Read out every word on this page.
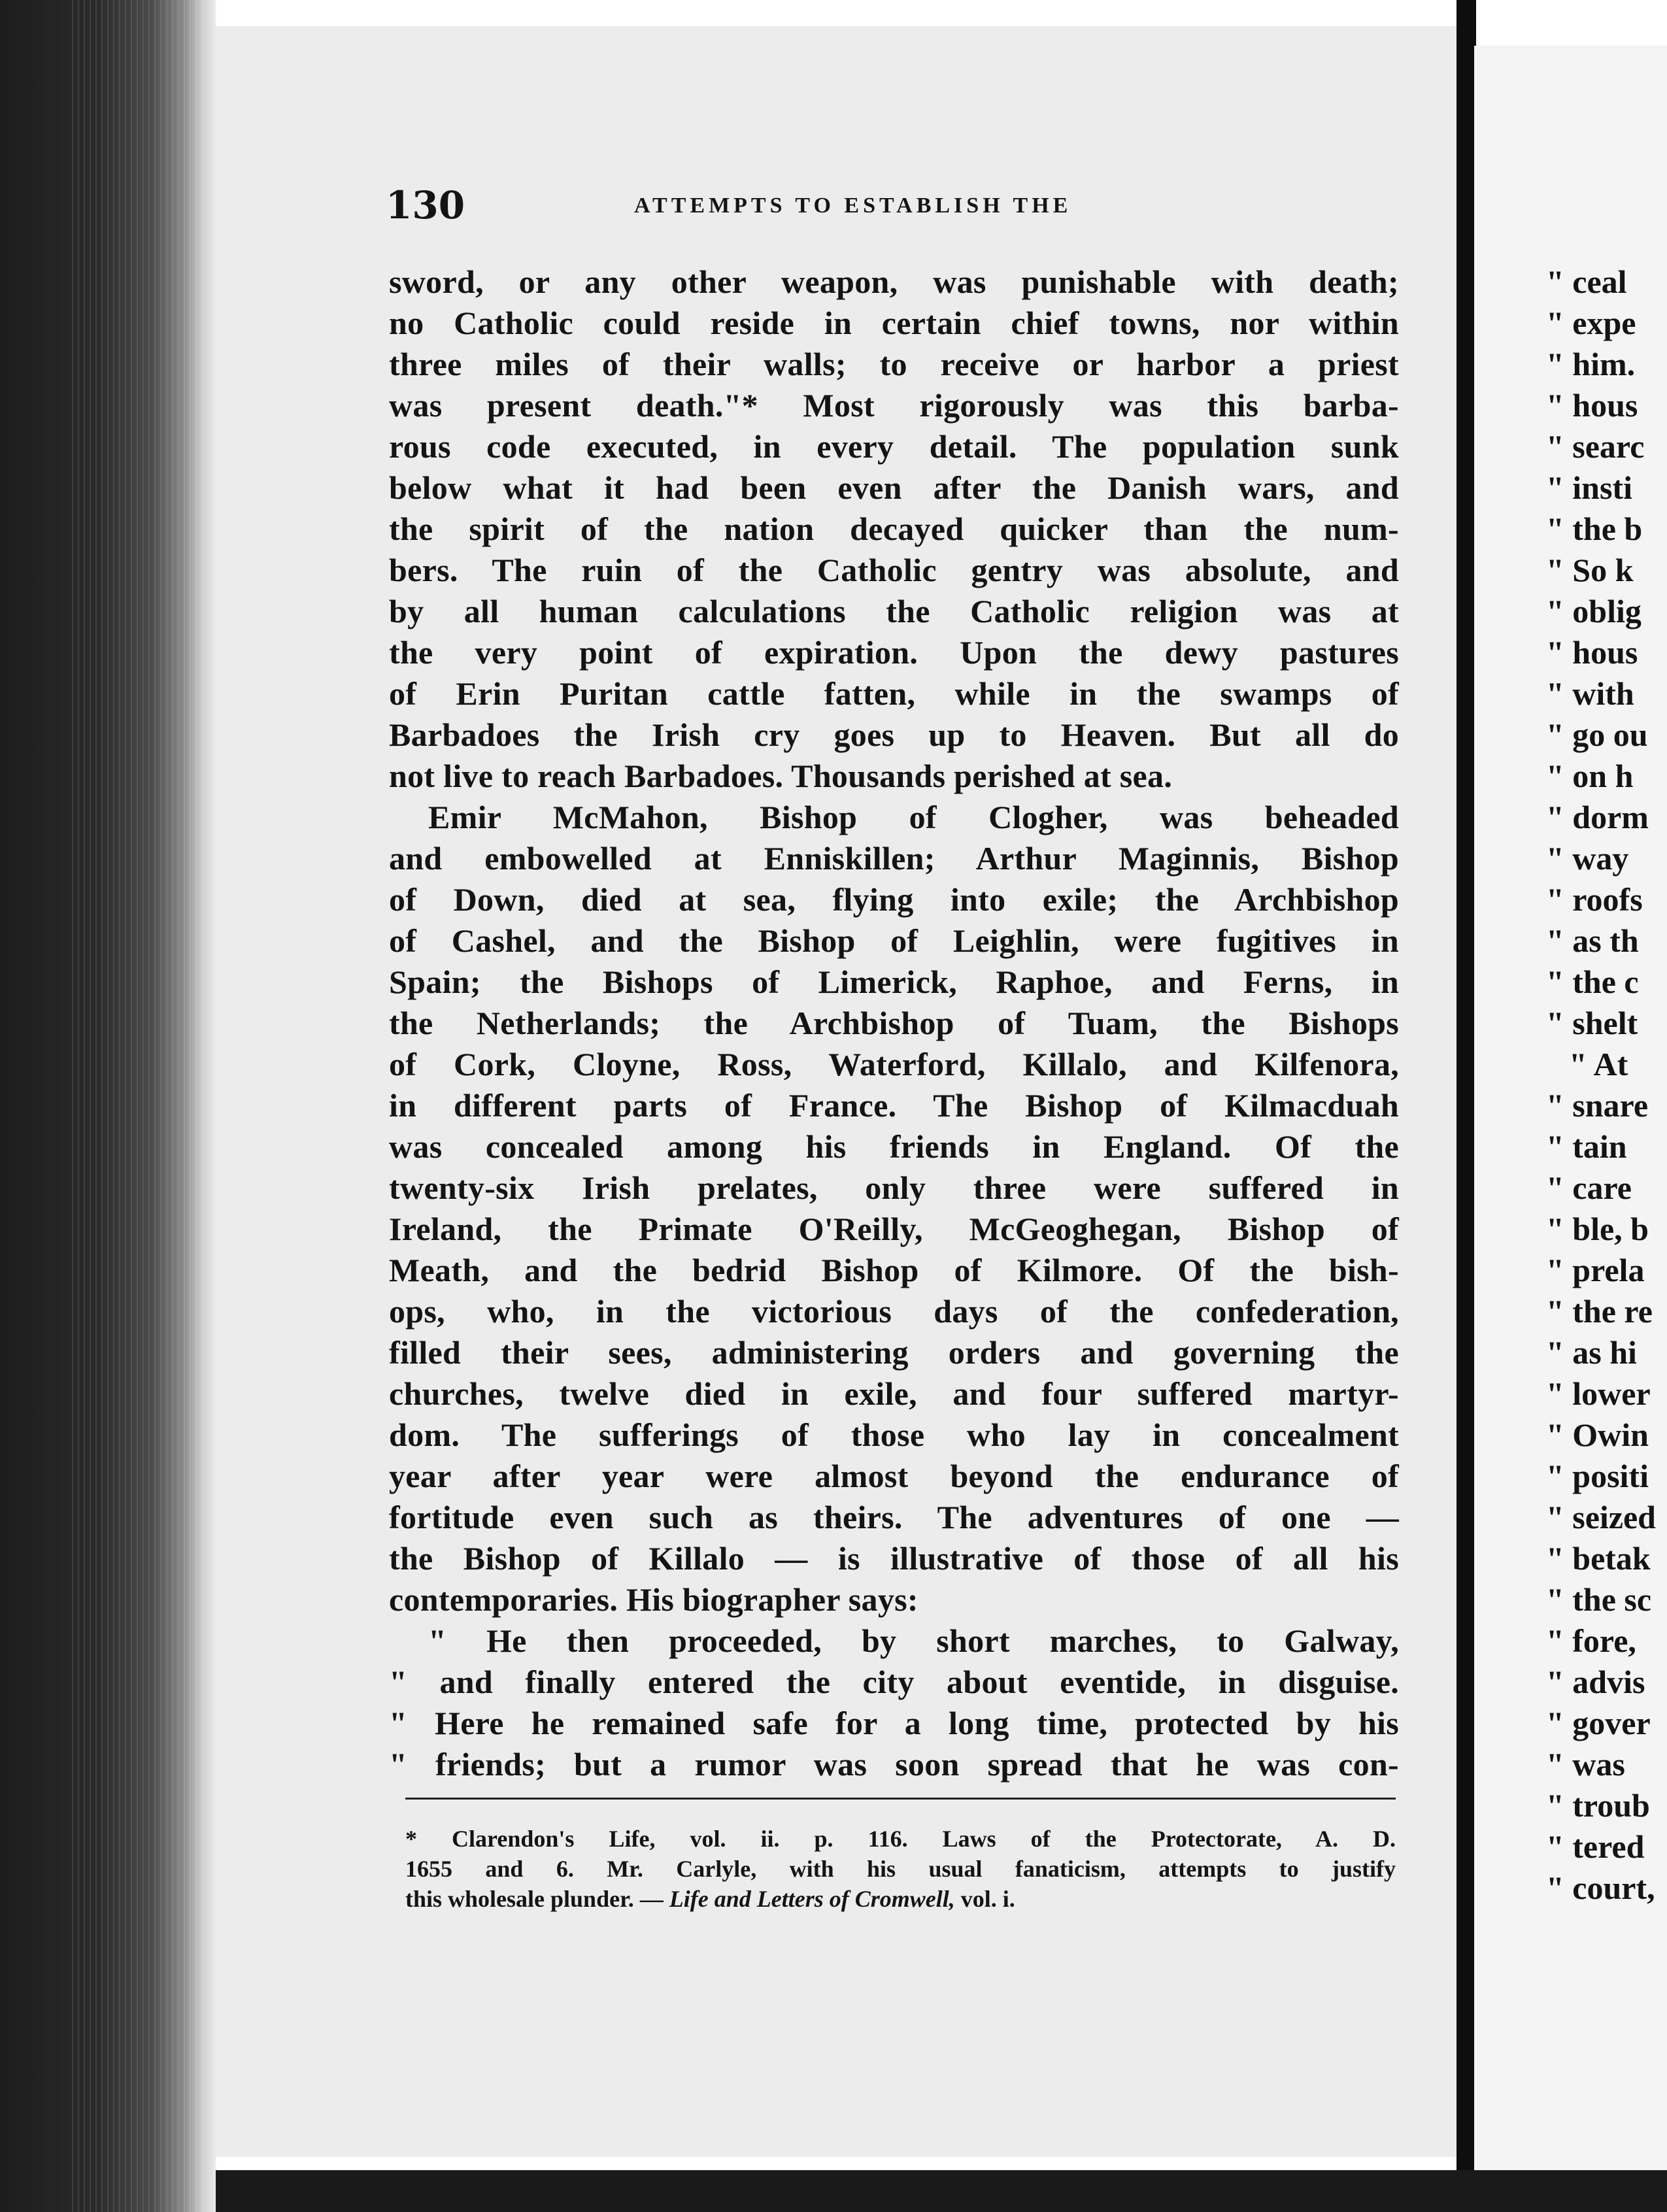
130	ATTEMPTS TO ESTABLISH THE
sword, or any other weapon, was punishable with death;
no Catholic could reside in certain chief towns, nor within
three miles of their walls; to receive or harbor a priest
was present death."* Most rigorously was this barba-
rous code executed, in every detail. The population sunk
below what it had been even after the Danish wars, and
the spirit of the nation decayed quicker than the num-
bers. The ruin of the Catholic gentry was absolute, and
by all human calculations the Catholic religion was at
the very point of expiration. Upon the dewy pastures
of Erin Puritan cattle fatten, while in the swamps of
Barbadoes the Irish cry goes up to Heaven. But all do
not live to reach Barbadoes. Thousands perished at sea.
Emir McMahon, Bishop of Clogher, was beheaded
and embowelled at Enniskillen; Arthur Maginnis, Bishop
of Down, died at sea, flying into exile; the Archbishop
of Cashel, and the Bishop of Leighlin, were fugitives in
Spain; the Bishops of Limerick, Raphoe, and Ferns, in
the Netherlands; the Archbishop of Tuam, the Bishops
of Cork, Cloyne, Ross, Waterford, Killalo, and Kilfenora,
in different parts of France. The Bishop of Kilmacduah
was concealed among his friends in England. Of the
twenty-six Irish prelates, only three were suffered in
Ireland, the Primate O'Reilly, McGeoghegan, Bishop of
Meath, and the bedrid Bishop of Kilmore. Of the bish-
ops, who, in the victorious days of the confederation,
filled their sees, administering orders and governing the
churches, twelve died in exile, and four suffered martyr-
dom. The sufferings of those who lay in concealment
year after year were almost beyond the endurance of
fortitude even such as theirs. The adventures of one —
the Bishop of Killalo — is illustrative of those of all his
contemporaries. His biographer says:
" He then proceeded, by short marches, to Galway,
" and finally entered the city about eventide, in disguise.
" Here he remained safe for a long time, protected by his
" friends; but a rumor was soon spread that he was con-
* Clarendon's Life, vol. ii. p. 116. Laws of the Protectorate, A. D.
1655 and 6. Mr. Carlyle, with his usual fanaticism, attempts to justify
this wholesale plunder. — Life and Letters of Cromwell, vol. i.
" ceal
" expe
" him.
" hous
" searc
" insti
" the b
" So k
" oblig
" hous
" with
" go ou
" on h
" dorm
" way
" roofs
" as th
" the c
" shelt
" At
" snare
" tain
" care
" ble, b
" prela
" the re
" as hi
" lower
" Owin
" positi
" seized
" betak
" the sc
" fore,
" advis
" gover
" was
" troub
" tered
" court,
